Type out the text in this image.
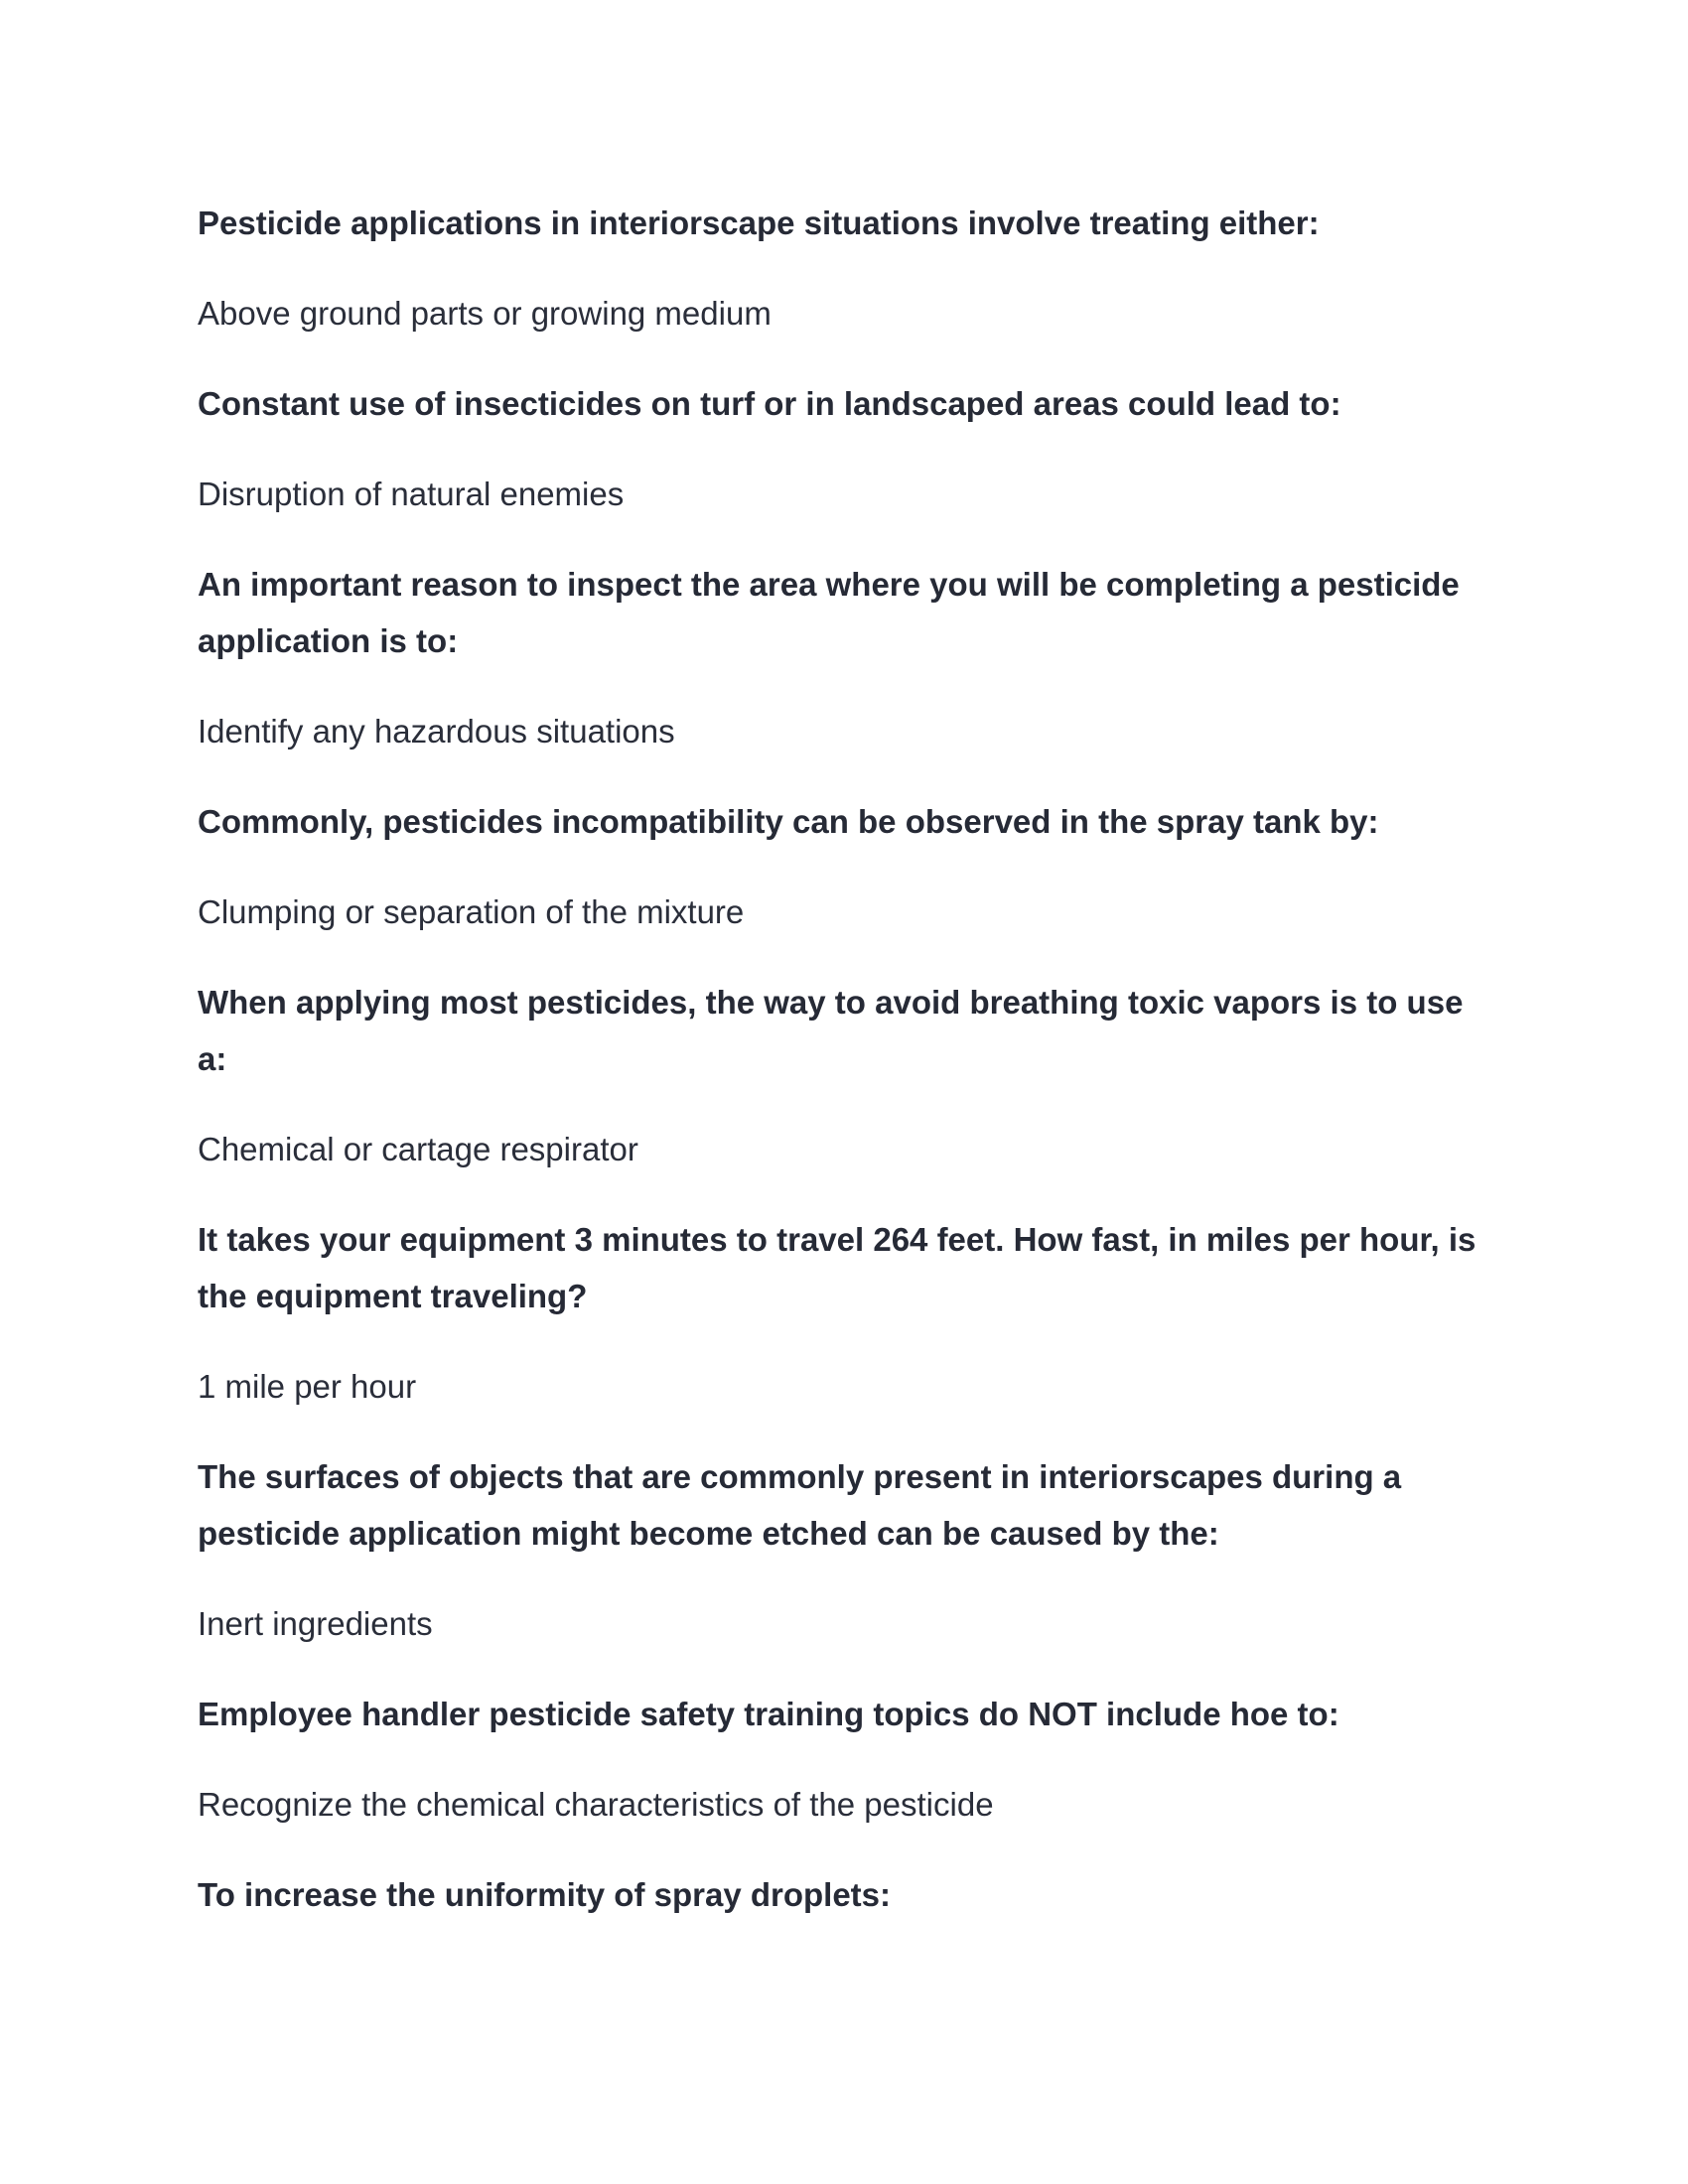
Pesticide applications in interiorscape situations involve treating either:

Above ground parts or growing medium

Constant use of insecticides on turf or in landscaped areas could lead to:

Disruption of natural enemies

An important reason to inspect the area where you will be completing a pesticide application is to:

Identify any hazardous situations

Commonly, pesticides incompatibility can be observed in the spray tank by:

Clumping or separation of the mixture

When applying most pesticides, the way to avoid breathing toxic vapors is to use a:

Chemical or cartage respirator

It takes your equipment 3 minutes to travel 264 feet. How fast, in miles per hour, is the equipment traveling?

1 mile per hour

The surfaces of objects that are commonly present in interiorscapes during a pesticide application might become etched can be caused by the:

Inert ingredients

Employee handler pesticide safety training topics do NOT include hoe to:

Recognize the chemical characteristics of the pesticide

To increase the uniformity of spray droplets:
